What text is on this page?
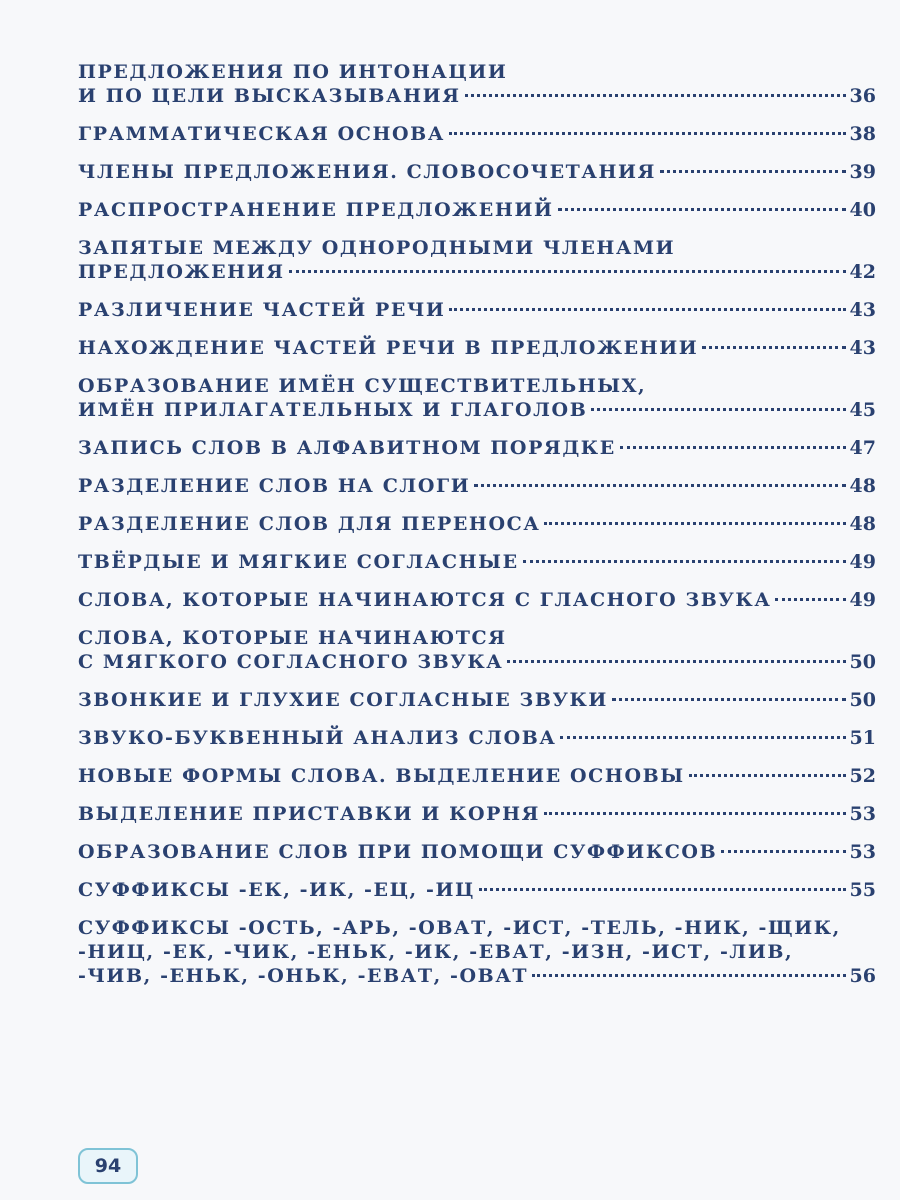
ПРЕДЛОЖЕНИЯ ПО ИНТОНАЦИИ
И ПО ЦЕЛИ ВЫСКАЗЫВАНИЯ	36
ГРАММАТИЧЕСКАЯ ОСНОВА	38
ЧЛЕНЫ ПРЕДЛОЖЕНИЯ. СЛОВОСОЧЕТАНИЯ	39
РАСПРОСТРАНЕНИЕ ПРЕДЛОЖЕНИЙ	40
ЗАПЯТЫЕ МЕЖДУ ОДНОРОДНЫМИ ЧЛЕНАМИ
ПРЕДЛОЖЕНИЯ	42
РАЗЛИЧЕНИЕ ЧАСТЕЙ РЕЧИ	43
НАХОЖДЕНИЕ ЧАСТЕЙ РЕЧИ В ПРЕДЛОЖЕНИИ	43
ОБРАЗОВАНИЕ ИМЁН СУЩЕСТВИТЕЛЬНЫХ,
ИМЁН ПРИЛАГАТЕЛЬНЫХ И ГЛАГОЛОВ	45
ЗАПИСЬ СЛОВ В АЛФАВИТНОМ ПОРЯДКЕ	47
РАЗДЕЛЕНИЕ СЛОВ НА СЛОГИ	48
РАЗДЕЛЕНИЕ СЛОВ ДЛЯ ПЕРЕНОСА	48
ТВЁРДЫЕ И МЯГКИЕ СОГЛАСНЫЕ	49
СЛОВА, КОТОРЫЕ НАЧИНАЮТСЯ С ГЛАСНОГО ЗВУКА	49
СЛОВА, КОТОРЫЕ НАЧИНАЮТСЯ
С МЯГКОГО СОГЛАСНОГО ЗВУКА	50
ЗВОНКИЕ И ГЛУХИЕ СОГЛАСНЫЕ ЗВУКИ	50
ЗВУКО-БУКВЕННЫЙ АНАЛИЗ СЛОВА	51
НОВЫЕ ФОРМЫ СЛОВА. ВЫДЕЛЕНИЕ ОСНОВЫ	52
ВЫДЕЛЕНИЕ ПРИСТАВКИ И КОРНЯ	53
ОБРАЗОВАНИЕ СЛОВ ПРИ ПОМОЩИ СУФФИКСОВ	53
СУФФИКСЫ -ЕК, -ИК, -ЕЦ, -ИЦ	55
СУФФИКСЫ -ОСТЬ, -АРЬ, -ОВАТ, -ИСТ, -ТЕЛЬ, -НИК, -ЩИК,
-НИЦ, -ЕК, -ЧИК, -ЕНЬК, -ИК, -ЕВАТ, -ИЗН, -ИСТ, -ЛИВ,
-ЧИВ, -ЕНЬК, -ОНЬК, -ЕВАТ, -ОВАТ	56
94
